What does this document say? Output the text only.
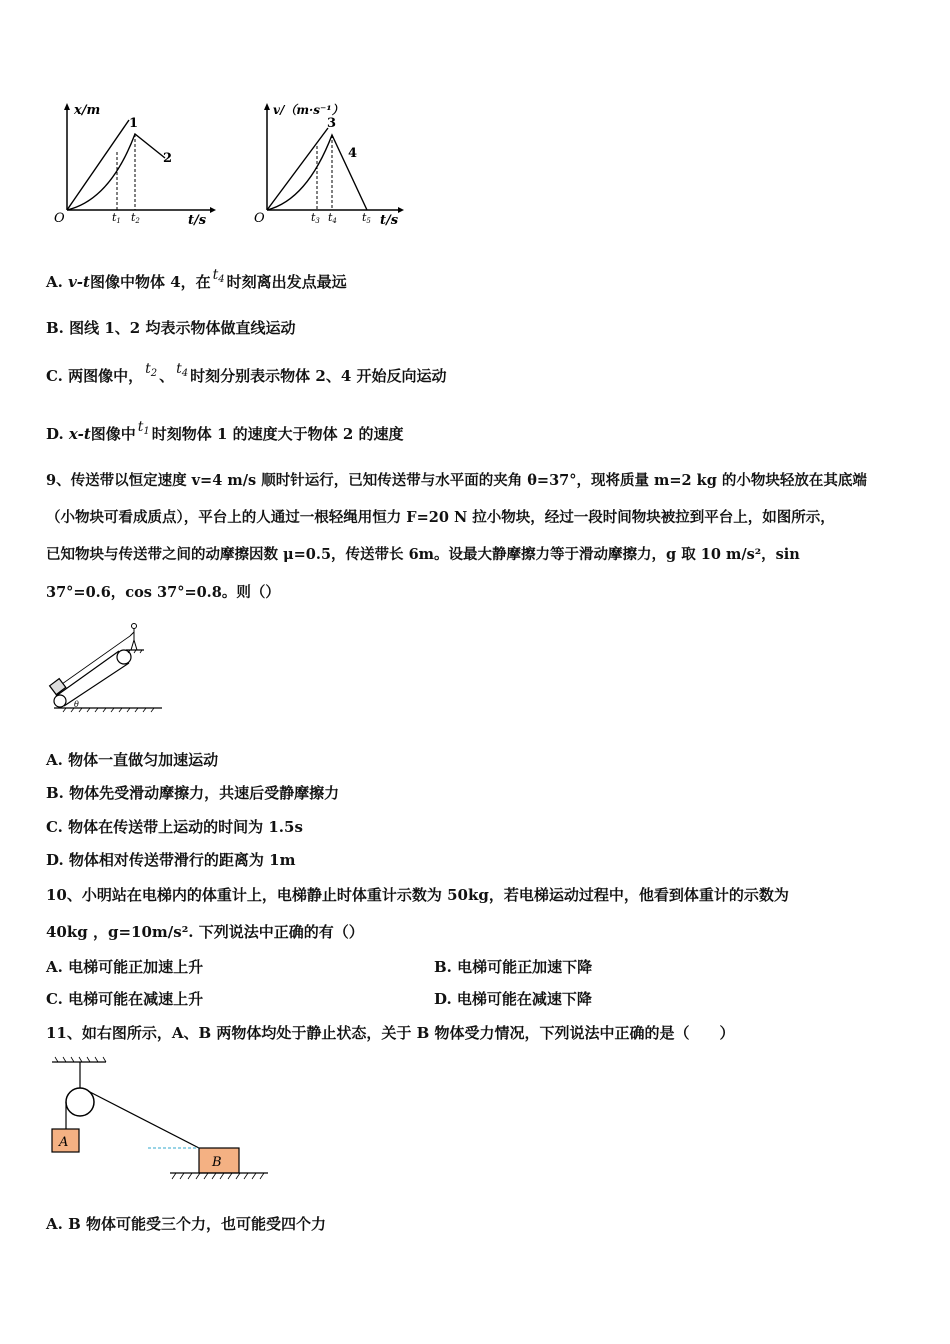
x/m
t/s
O
1
2
t1 t2
v/（m·s⁻¹）
t/s
O
3
4
t3 t4 t5
A. v-t图像中物体 4，在 $t_4$ 时刻离出发点最远
B. 图线 1、2 均表示物体做直线运动
C. 两图像中， $t_2$ 、 $t_4$ 时刻分别表示物体 2、4 开始反向运动
D. x-t图像中 $t_1$ 时刻物体 1 的速度大于物体 2 的速度
9、传送带以恒定速度 v=4 m/s 顺时针运行，已知传送带与水平面的夹角 θ=37°，现将质量 m=2 kg 的小物块轻放在其底端
（小物块可看成质点），平台上的人通过一根轻绳用恒力 F=20 N 拉小物块，经过一段时间物块被拉到平台上，如图所示，
已知物块与传送带之间的动摩擦因数 μ=0.5，传送带长 6m。设最大静摩擦力等于滑动摩擦力，g 取 10 m/s²，sin
37°=0.6，cos 37°=0.8。则（）
θ
A. 物体一直做匀加速运动
B. 物体先受滑动摩擦力，共速后受静摩擦力
C. 物体在传送带上运动的时间为 1.5s
D. 物体相对传送带滑行的距离为 1m
10、小明站在电梯内的体重计上，电梯静止时体重计示数为 50kg，若电梯运动过程中，他看到体重计的示数为
40kg ，g=10m/s². 下列说法中正确的有（）
A. 电梯可能正加速上升	B. 电梯可能正加速下降
C. 电梯可能在减速上升	D. 电梯可能在减速下降
11、如右图所示，A、B 两物体均处于静止状态，关于 B 物体受力情况，下列说法中正确的是（　　）
A
B
A. B 物体可能受三个力，也可能受四个力
